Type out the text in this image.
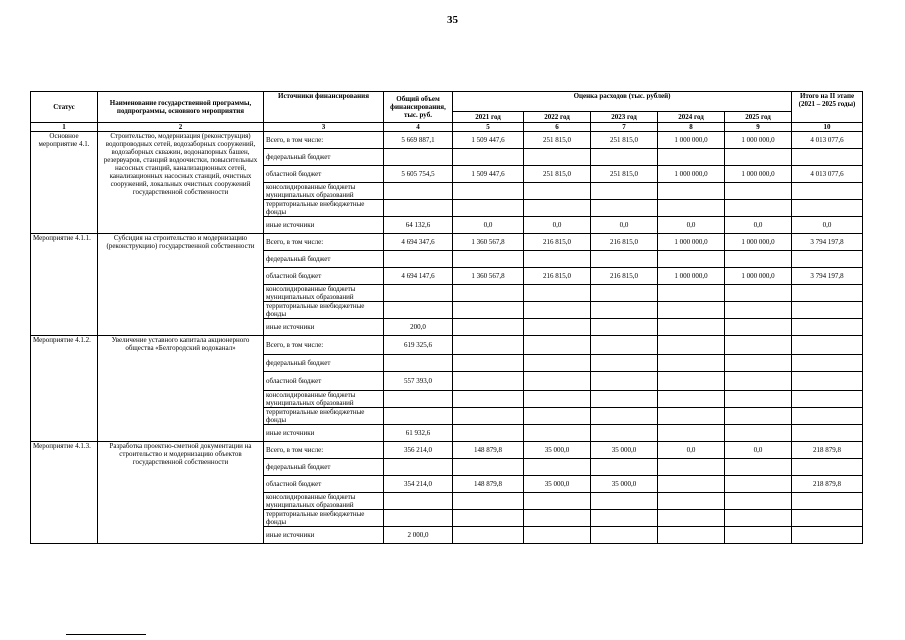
35
Статус	Наименование государственной программы, подпрограммы, основного мероприятия	Источники финансирования	Общий объем финансирования, тыс. руб.	Оценка расходов (тыс. рублей)					Итого на II этапе (2021 – 2025 годы)
				2021 год	2022 год	2023 год	2024 год	2025 год	
1	2	3	4	5	6	7	8	9	10
Основное мероприятие 4.1.	Строительство, модернизация (реконструкция) водопроводных сетей, водозаборных сооружений, водозаборных скважин, водонапорных башен, резервуаров, станций водоочистки, повысительных насосных станций, канализационных сетей, канализационных насосных станций, очистных сооружений, локальных очистных сооружений государственной собственности	Всего, в том числе:	5 669 887,1	1 509 447,6	251 815,0	251 815,0	1 000 000,0	1 000 000,0	4 013 077,6
		федеральный бюджет							
		областной бюджет	5 605 754,5	1 509 447,6	251 815,0	251 815,0	1 000 000,0	1 000 000,0	4 013 077,6
		консолидированные бюджеты муниципальных образований							
		территориальные внебюджетные фонды							
		иные источники	64 132,6	0,0	0,0	0,0	0,0	0,0	0,0
Мероприятие 4.1.1.	Субсидия на строительство и модернизацию (реконструкцию) государственной собственности	Всего, в том числе:	4 694 347,6	1 360 567,8	216 815,0	216 815,0	1 000 000,0	1 000 000,0	3 794 197,8
		федеральный бюджет							
		областной бюджет	4 694 147,6	1 360 567,8	216 815,0	216 815,0	1 000 000,0	1 000 000,0	3 794 197,8
		консолидированные бюджеты муниципальных образований							
		территориальные внебюджетные фонды							
		иные источники	200,0						
Мероприятие 4.1.2.	Увеличение уставного капитала акционерного общества «Белгородский водоканал»	Всего, в том числе:	619 325,6						
		федеральный бюджет							
		областной бюджет	557 393,0						
		консолидированные бюджеты муниципальных образований							
		территориальные внебюджетные фонды							
		иные источники	61 932,6						
Мероприятие 4.1.3.	Разработка проектно-сметной документации на строительство и модернизацию объектов государственной собственности	Всего, в том числе:	356 214,0	148 879,8	35 000,0	35 000,0	0,0	0,0	218 879,8
		федеральный бюджет							
		областной бюджет	354 214,0	148 879,8	35 000,0	35 000,0			218 879,8
		консолидированные бюджеты муниципальных образований							
		территориальные внебюджетные фонды							
		иные источники	2 000,0						
